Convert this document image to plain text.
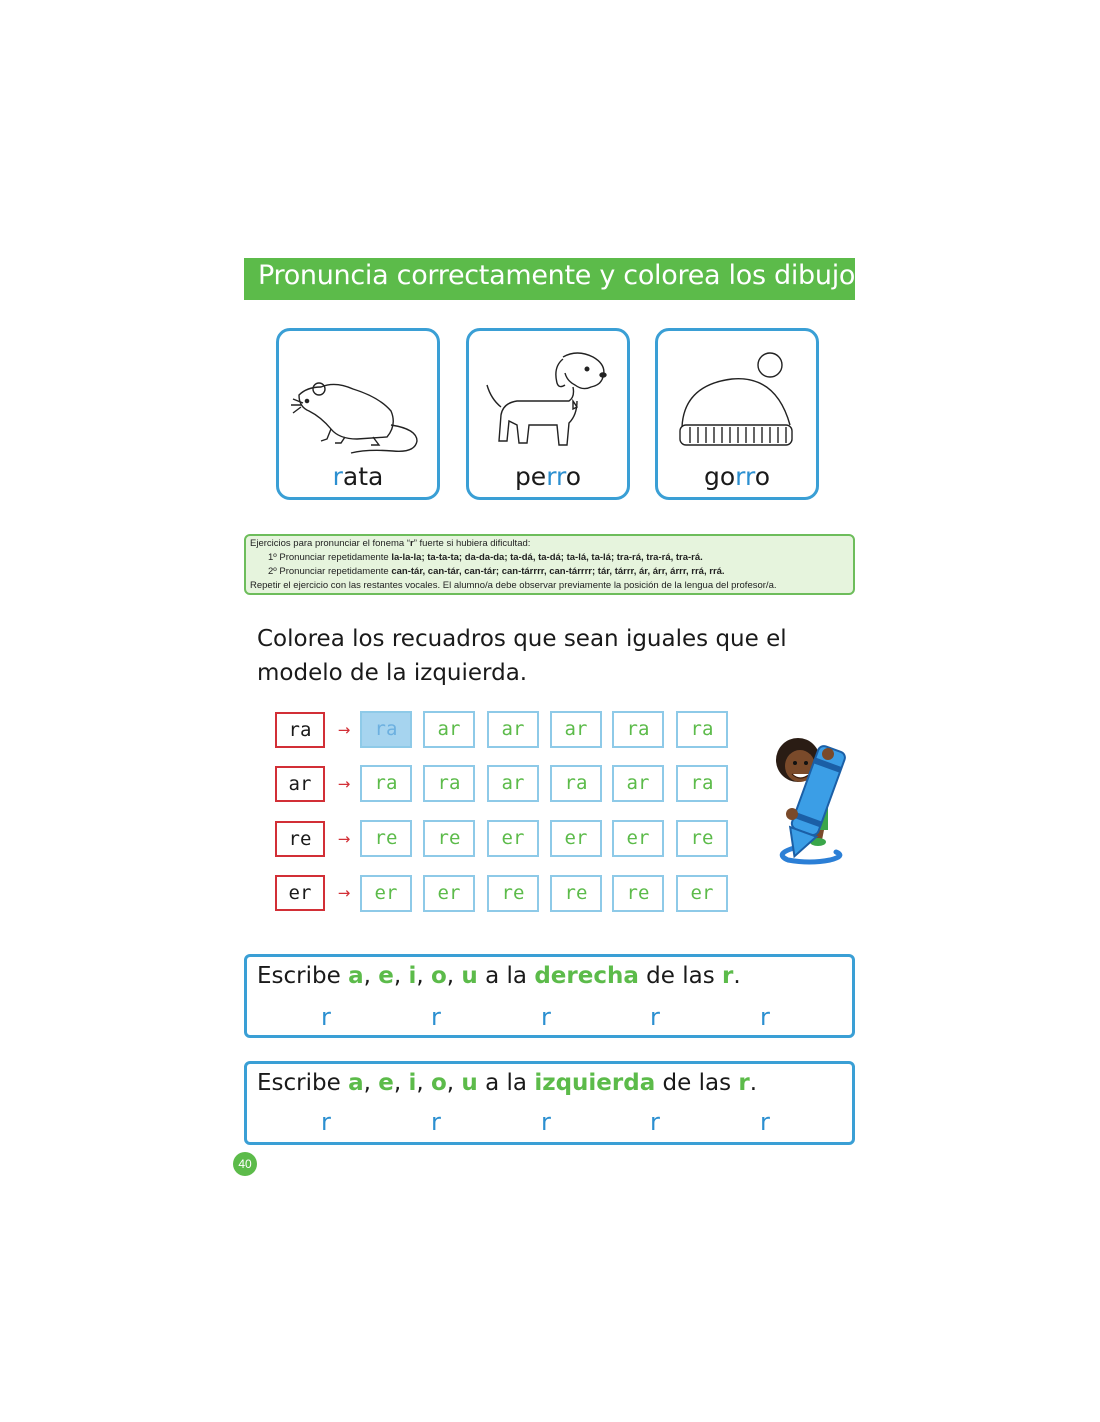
Pronuncia correctamente y colorea los dibujos
rata	perro	gorro
Ejercicios para pronunciar el fonema “r” fuerte si hubiera dificultad:
1º Pronunciar repetidamente la-la-la; ta-ta-ta; da-da-da; ta-dá, ta-dá; ta-lá, ta-lá; tra-rá, tra-rá, tra-rá.
2º Pronunciar repetidamente can-tár, can-tár, can-tár; can-tárrrr, can-tárrrr; tár, tárrr, ár, árr, árrr, rrá, rrá.
Repetir el ejercicio con las restantes vocales. El alumno/a debe observar previamente la posición de la lengua del profesor/a.
Colorea los recuadros que sean iguales que el modelo de la izquierda.
ra	→	ra	ar	ar	ar	ra	ra
ar	→	ra	ra	ar	ra	ar	ra
re	→	re	re	er	er	er	re
er	→	er	er	re	re	re	er
Escribe a, e, i, o, u a la derecha de las r.
r	r	r	r	r
Escribe a, e, i, o, u a la izquierda de las r.
r	r	r	r	r
40
